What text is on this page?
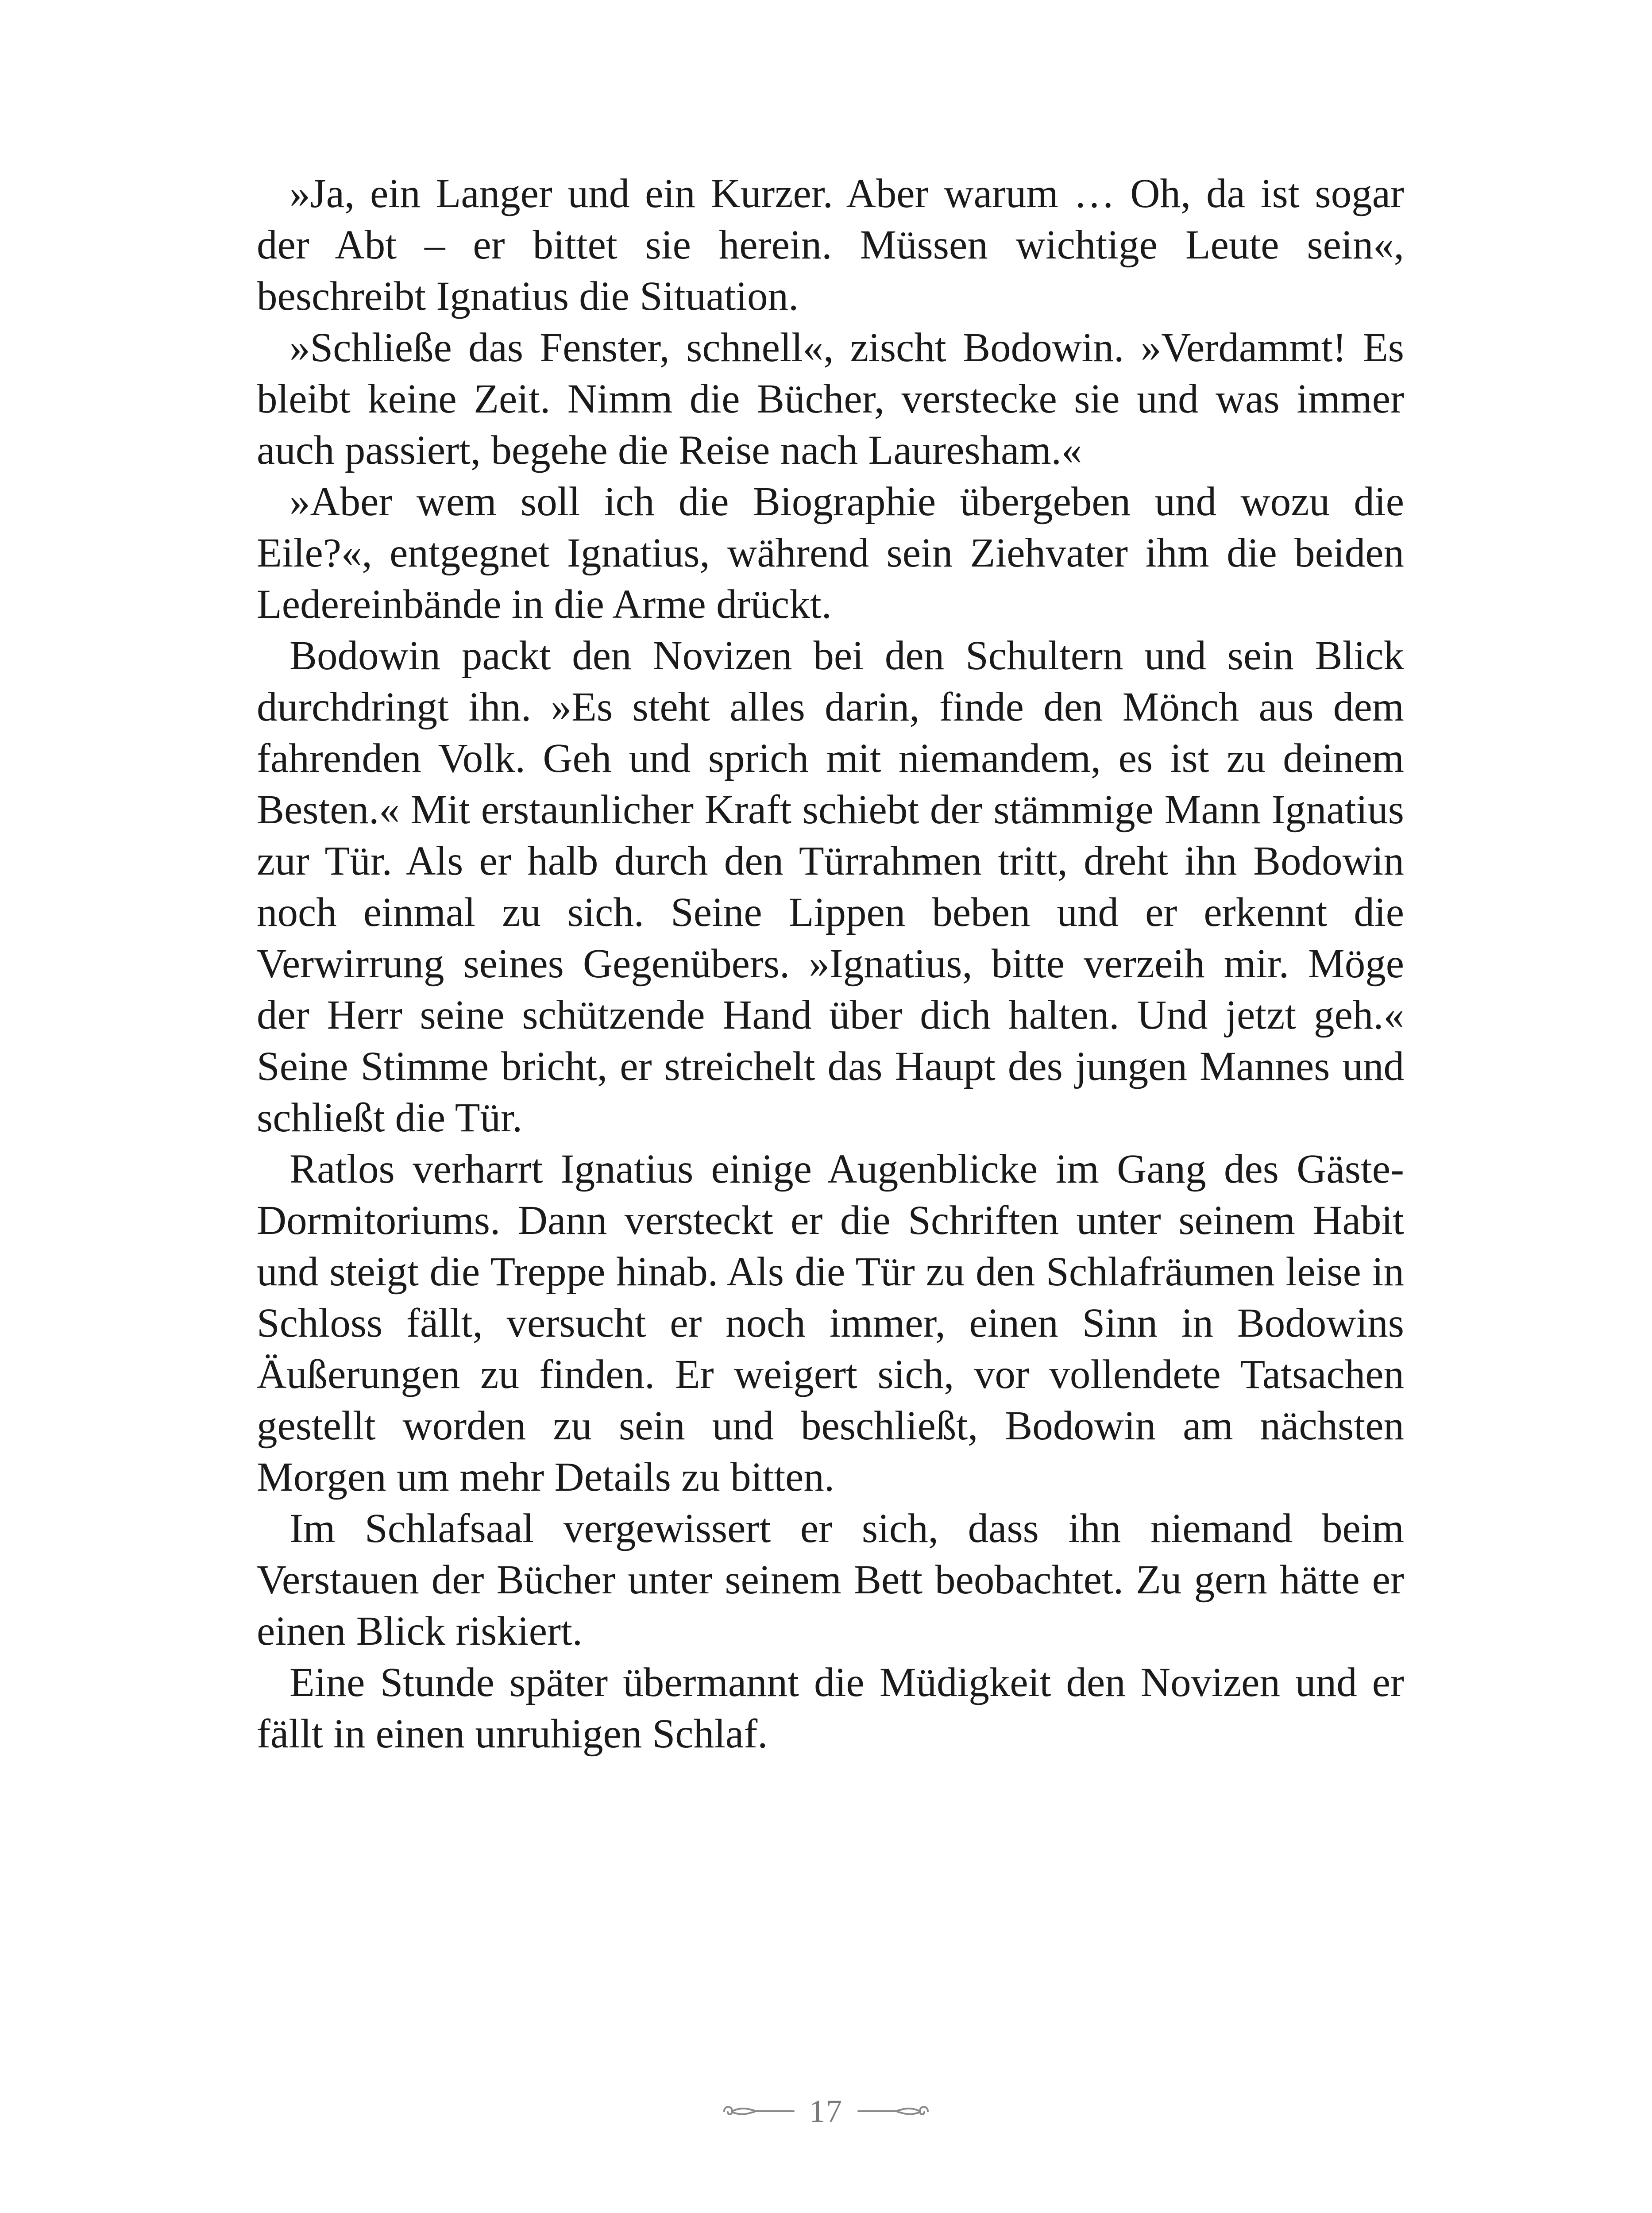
»Ja, ein Langer und ein Kurzer. Aber warum … Oh, da ist sogar der Abt – er bittet sie herein. Müssen wichtige Leute sein«, beschreibt Ignatius die Situation.

»Schließe das Fenster, schnell«, zischt Bodowin. »Verdammt! Es bleibt keine Zeit. Nimm die Bücher, verstecke sie und was immer auch passiert, begehe die Reise nach Lauresham.«

»Aber wem soll ich die Biographie übergeben und wozu die Eile?«, entgegnet Ignatius, während sein Ziehvater ihm die beiden Ledereinbände in die Arme drückt.

Bodowin packt den Novizen bei den Schultern und sein Blick durchdringt ihn. »Es steht alles darin, finde den Mönch aus dem fahrenden Volk. Geh und sprich mit niemandem, es ist zu deinem Besten.« Mit erstaunlicher Kraft schiebt der stämmige Mann Ignatius zur Tür. Als er halb durch den Türrahmen tritt, dreht ihn Bodowin noch einmal zu sich. Seine Lippen beben und er erkennt die Verwirrung seines Gegenübers. »Ignatius, bitte verzeih mir. Möge der Herr seine schützende Hand über dich halten. Und jetzt geh.« Seine Stimme bricht, er streichelt das Haupt des jungen Mannes und schließt die Tür.

Ratlos verharrt Ignatius einige Augenblicke im Gang des Gäste-Dormitoriums. Dann versteckt er die Schriften unter seinem Habit und steigt die Treppe hinab. Als die Tür zu den Schlafräumen leise in Schloss fällt, versucht er noch immer, einen Sinn in Bodowins Äußerungen zu finden. Er weigert sich, vor vollendete Tatsachen gestellt worden zu sein und beschließt, Bodowin am nächsten Morgen um mehr Details zu bitten.

Im Schlafsaal vergewissert er sich, dass ihn niemand beim Verstauen der Bücher unter seinem Bett beobachtet. Zu gern hätte er einen Blick riskiert.

Eine Stunde später übermannt die Müdigkeit den Novizen und er fällt in einen unruhigen Schlaf.

17
